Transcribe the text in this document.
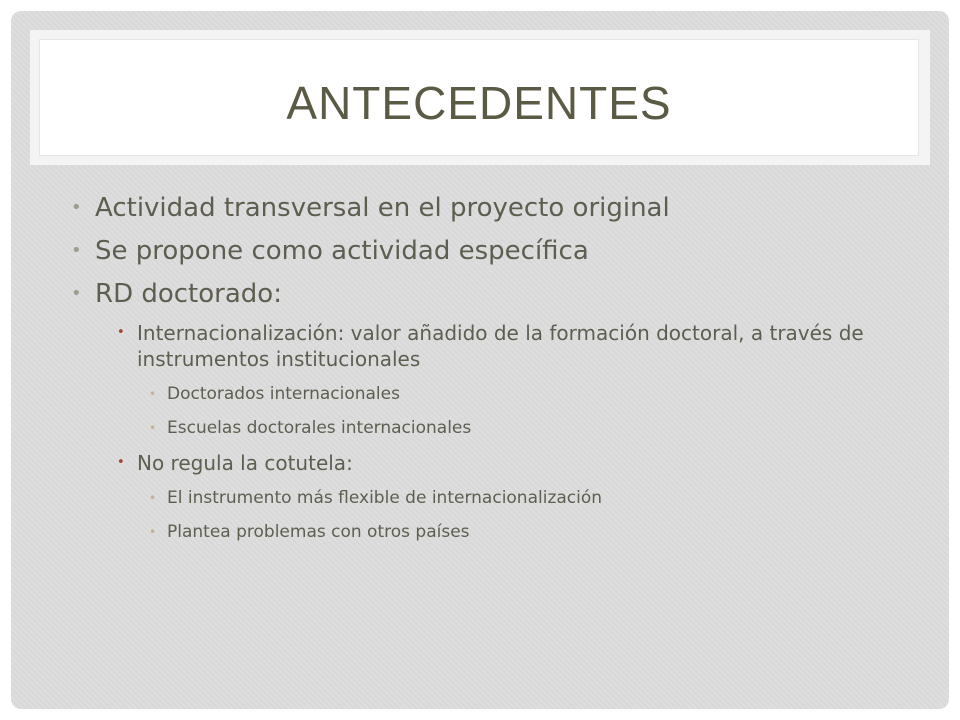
ANTECEDENTES
• Actividad transversal en el proyecto original
• Se propone como actividad específica
• RD doctorado:
• Internacionalización: valor añadido de la formación doctoral, a través de instrumentos institucionales
• Doctorados internacionales
• Escuelas doctorales internacionales
• No regula la cotutela:
• El instrumento más flexible de internacionalización
• Plantea problemas con otros países
